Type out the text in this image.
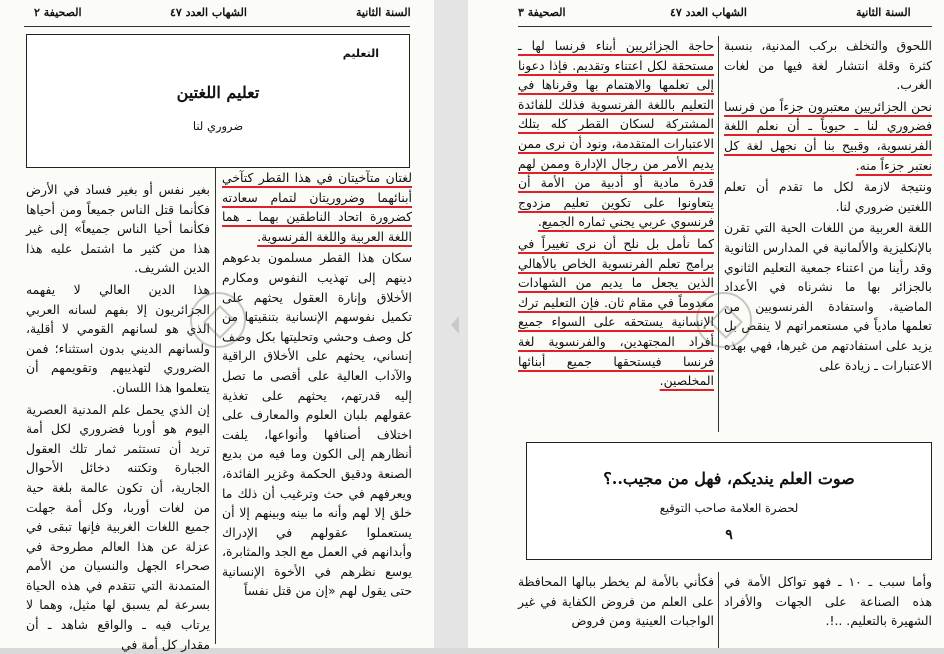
الصحيفة ٢	الشهاب العدد ٤٧	السنة الثانية
التعليم
تعليم اللغتين
ضروري لنا

لغتان متآخيتان في هذا القطر كتآخي أبنائهما وضروريتان لتمام سعادته كضرورة اتحاد الناطقين بهما ـ هما اللغة العربية واللغة الفرنسوية.

سكان هذا القطر مسلمون بدعوهم دينهم إلى تهذيب النفوس ومكارم الأخلاق وإنارة العقول يحثهم على تكميل نفوسهم الإنسانية بتنقيتها من كل وصف وحشي وتحليتها بكل وصف إنساني، يحثهم على الأخلاق الراقية والآداب العالية على أقصى ما تصل إليه قدرتهم، يحثهم على تغذية عقولهم بلبان العلوم والمعارف على اختلاف أصنافها وأنواعها، يلفت أنظارهم إلى الكون وما فيه من بديع الصنعة ودقيق الحكمة وغزير الفائدة، ويعرفهم في حث وترغيب أن ذلك ما خلق إلا لهم وأنه ما بينه وبينهم إلا أن يستعملوا عقولهم في الإدراك وأبدانهم في العمل مع الجد والمثابرة، يوسع نظرهم في الأخوة الإنسانية حتى يقول لهم «إن من قتل نفساً

بغير نفس أو بغير فساد في الأرض فكأنما قتل الناس جميعاً ومن أحياها فكأنما أحيا الناس جميعاً» إلى غير هذا من كثير ما اشتمل عليه هذا الدين الشريف.

هذا الدين العالي لا يفهمه الجزائريون إلا بفهم لسانه العربي الذي هو لسانهم القومي لا أقلية، ولسانهم الديني بدون استثناء؛ فمن الضروري لتهذيبهم وتقويمهم أن يتعلموا هذا اللسان.

إن الذي يحمل علم المدنية العصرية اليوم هو أوربا فضروري لكل أمة تريد أن تستثمر ثمار تلك العقول الجبارة وتكتنه دخائل الأحوال الجارية، أن تكون عالمة بلغة حية من لغات أوربا، وكل أمة جهلت جميع اللغات الغربية فإنها تبقى في عزلة عن هذا العالم مطروحة في صحراء الجهل والنسيان من الأمم المتمدنة التي تتقدم في هذه الحياة بسرعة لم يسبق لها مثيل، وهما لا يرتاب فيه ـ والواقع شاهد ـ أن مقدار كل أمة في

الصحيفة ٣	الشهاب العدد ٤٧	السنة الثانية

اللحوق والتخلف بركب المدنية، بنسبة كثرة وقلة انتشار لغة فيها من لغات الغرب.

نحن الجزائريين معتبرون جزءاً من فرنسا فضروري لنا ـ حيوياً ـ أن نعلم اللغة الفرنسوية، وقبيح بنا أن نجهل لغة كل نعتبر جزءاً منه.

ونتيجة لازمة لكل ما تقدم أن تعلم اللغتين ضروري لنا.

اللغة العربية من اللغات الحية التي تقرن بالإنكليزية والألمانية في المدارس الثانوية وقد رأينا من اعتناء جمعية التعليم الثانوي بالجزائر بها ما نشرناه في الأعداد الماضية، واستفادة الفرنسويين من تعلمها مادياً في مستعمراتهم لا ينقص بل يزيد على استفادتهم من غيرها، فهي بهذه الاعتبارات ـ زيادة على

حاجة الجزائريين أبناء فرنسا لها ـ مستحقة لكل اعتناء وتقديم. فإذا دعونا إلى تعلمها والاهتمام بها وقرناها في التعليم باللغة الفرنسوية فذلك للفائدة المشتركة لسكان القطر كله بتلك الاعتبارات المتقدمة، ونود أن نرى ممن يديم الأمر من رجال الإدارة وممن لهم قدرة مادية أو أدبية من الأمة أن يتعاونوا على تكوين تعليم مزدوج فرنسوي عربي يجني ثماره الجميع.

كما نأمل بل نلح أن نرى تغييراً في برامج تعلم الفرنسوية الخاص بالأهالي الذين يجعل ما يديم من الشهادات معدوماً في مقام ثان. فإن التعليم ترك الإنسانية يستحقه على السواء جميع أفراد المجتهدين، والفرنسوية لغة فرنسا فيستحقها جميع أبنائها المخلصين.

صوت العلم ينديكم، فهل من مجيب..؟
لحضرة العلامة صاحب التوقيع
٩

وأما سبب ـ ١٠ ـ فهو تواكل الأمة في هذه الصناعة على الجهات والأفراد الشهيرة بالتعليم. ..!.

فكأني بالأمة لم يخطر ببالها المحافظة على العلم من فروض الكفاية في غير الواجبات العينية ومن فروض
